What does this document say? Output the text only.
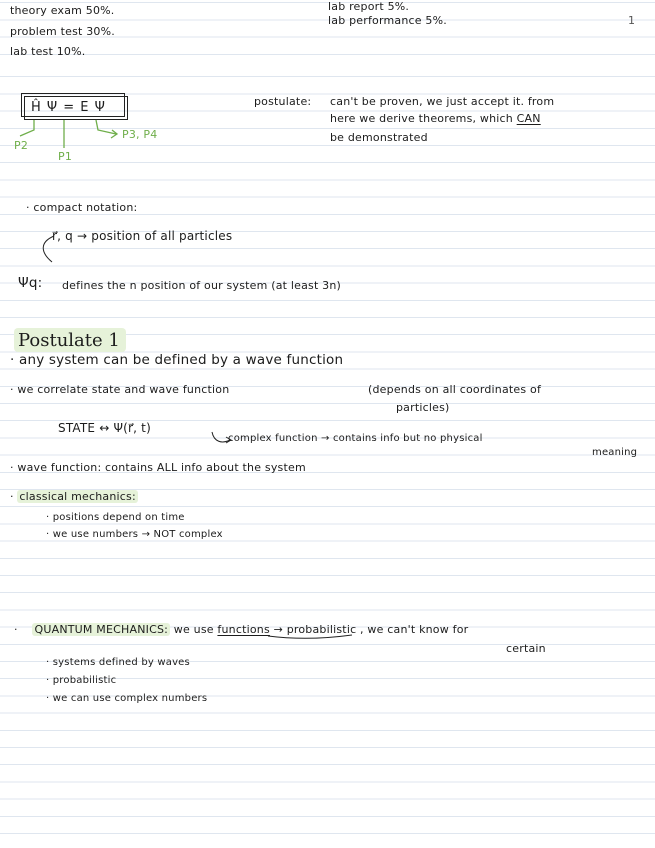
1
theory exam 50%.
problem test 30%.
lab test 10%.
lab report 5%.
lab performance 5%.
Ĥ Ψ = E Ψ
P2
P1
P3, P4
postulate: can't be proven, we just accept it. from
here we derive theorems, which CAN
be demonstrated
· compact notation:
r⃗, q → position of all particles
Ψq: defines the n position of our system (at least 3n)
Postulate 1
· any system can be defined by a wave function
· we correlate state and wave function	(depends on all coordinates of
particles)
STATE ↔ Ψ(r⃗, t)
complex function → contains info but no physical
meaning
· wave function: contains ALL info about the system
· classical mechanics:
· positions depend on time
· we use numbers → NOT complex
·    QUANTUM MECHANICS: we use functions → probabilistic , we can't know for
certain
· systems defined by waves
· probabilistic
· we can use complex numbers
